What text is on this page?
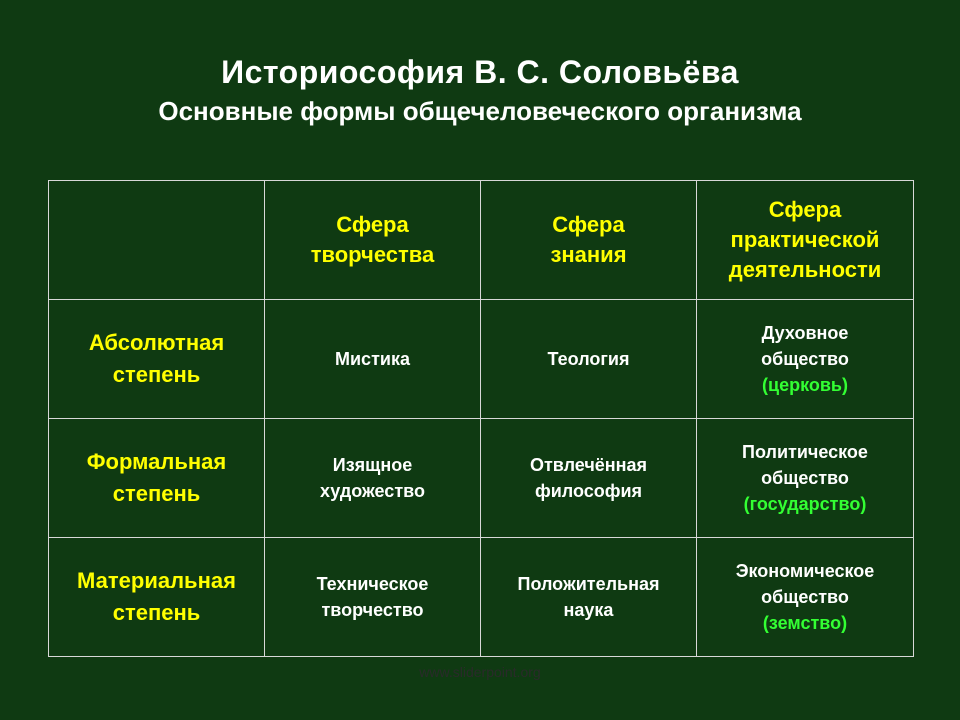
Историософия В. С. Соловьёва
Основные формы общечеловеческого организма
	Сфера творчества	Сфера знания	Сфера практической деятельности
Абсолютная степень	Мистика	Теология	Духовное общество
(церковь)

Формальная степень	Изящное художество	Отвлечённая философия	Политическое общество
(государство)

Материальная степень	Техническое творчество	Положительная наука	Экономическое общество
(земство)
www.sliderpoint.org
